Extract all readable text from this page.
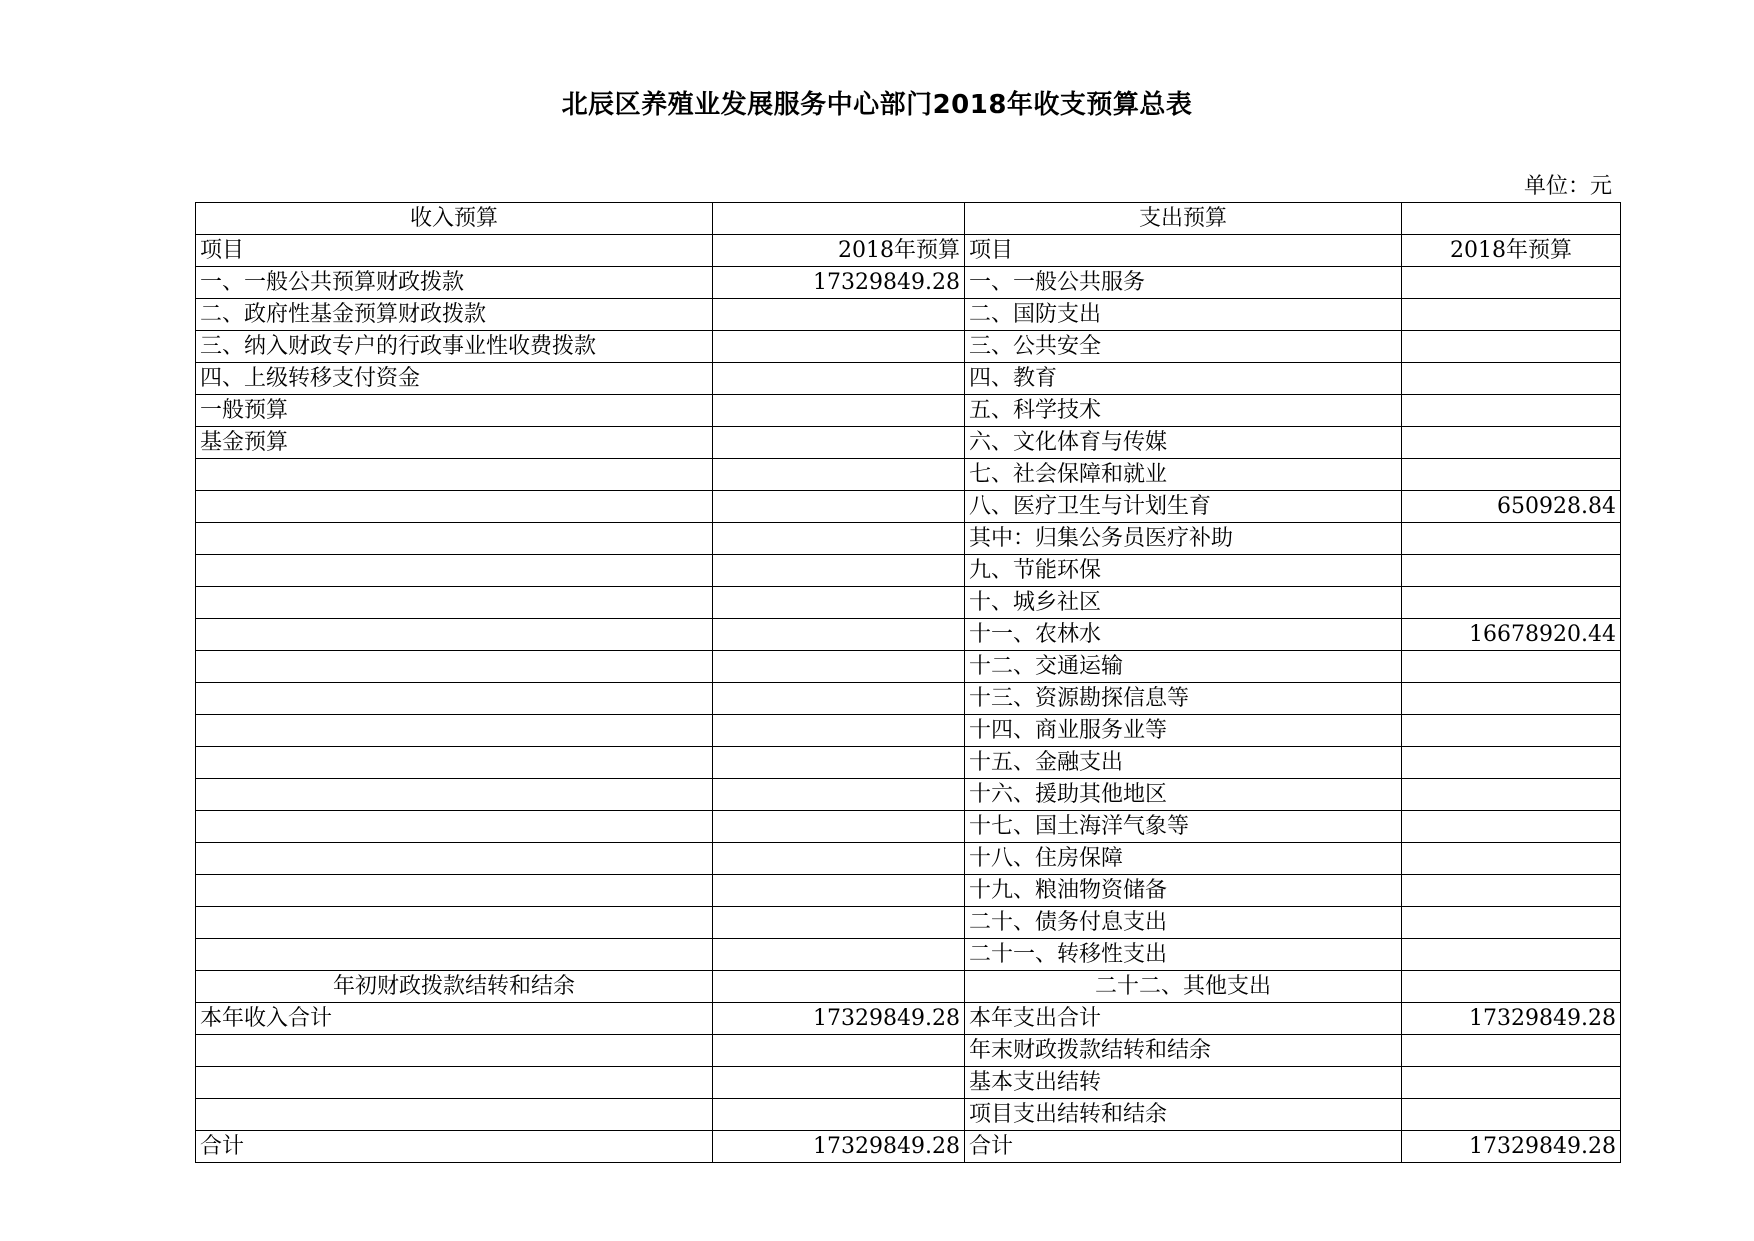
北辰区养殖业发展服务中心部门2018年收支预算总表
单位：元
收入预算		支出预算	
项目	2018年预算	项目	2018年预算
一、一般公共预算财政拨款	17329849.28	一、一般公共服务	
二、政府性基金预算财政拨款		二、国防支出	
三、纳入财政专户的行政事业性收费拨款		三、公共安全	
四、上级转移支付资金		四、教育	
一般预算		五、科学技术	
基金预算		六、文化体育与传媒	
		七、社会保障和就业	
		八、医疗卫生与计划生育	650928.84
		其中：归集公务员医疗补助	
		九、节能环保	
		十、城乡社区	
		十一、农林水	16678920.44
		十二、交通运输	
		十三、资源勘探信息等	
		十四、商业服务业等	
		十五、金融支出	
		十六、援助其他地区	
		十七、国土海洋气象等	
		十八、住房保障	
		十九、粮油物资储备	
		二十、债务付息支出	
		二十一、转移性支出	
年初财政拨款结转和结余		二十二、其他支出	
本年收入合计	17329849.28	本年支出合计	17329849.28
		年末财政拨款结转和结余	
		基本支出结转	
		项目支出结转和结余	
合计	17329849.28	合计	17329849.28
